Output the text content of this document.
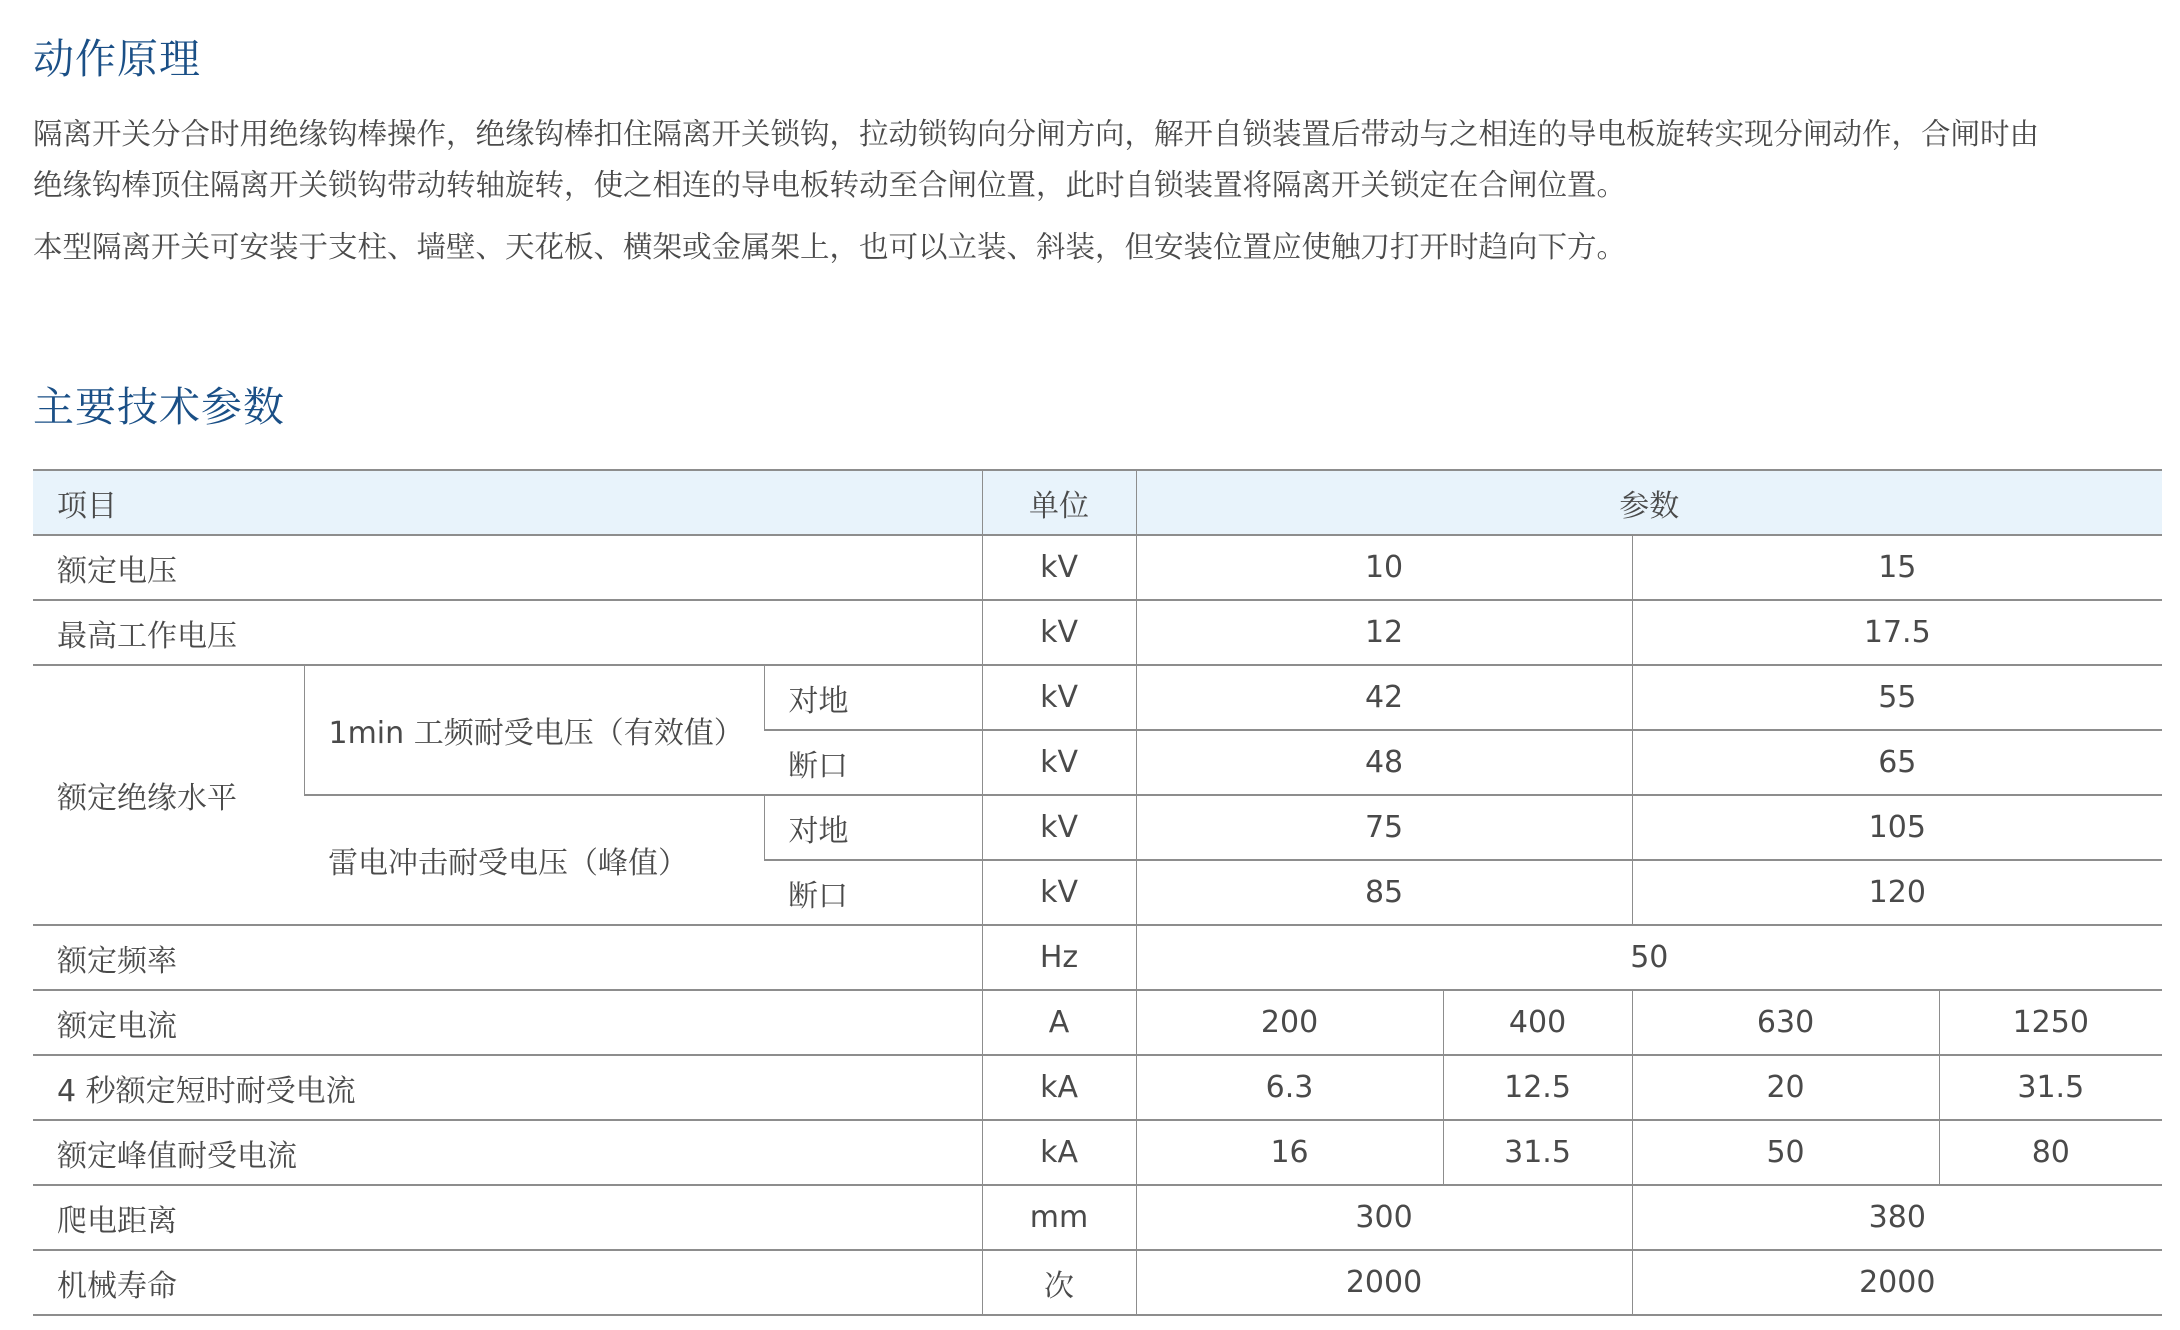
动作原理

隔离开关分合时用绝缘钩棒操作，绝缘钩棒扣住隔离开关锁钩，拉动锁钩向分闸方向，解开自锁装置后带动与之相连的导电板旋转实现分闸动作，合闸时由

绝缘钩棒顶住隔离开关锁钩带动转轴旋转，使之相连的导电板转动至合闸位置，此时自锁装置将隔离开关锁定在合闸位置。

本型隔离开关可安装于支柱、墙壁、天花板、横架或金属架上，也可以立装、斜装，但安装位置应使触刀打开时趋向下方。

主要技术参数
项目			单位	参数			
额定电压			kV	10		15	
最高工作电压			kV	12		17.5	
额定绝缘水平	1min 工频耐受电压（有效值）	对地	kV	42		55	
		断口	kV	48		65	
	雷电冲击耐受电压（峰值）	对地	kV	75		105	
		断口	kV	85		120	
额定频率			Hz	50			
额定电流			A	200	400	630	1250
4 秒额定短时耐受电流			kA	6.3	12.5	20	31.5
额定峰值耐受电流			kA	16	31.5	50	80
爬电距离			mm	300		380	
机械寿命			次	2000		2000	
